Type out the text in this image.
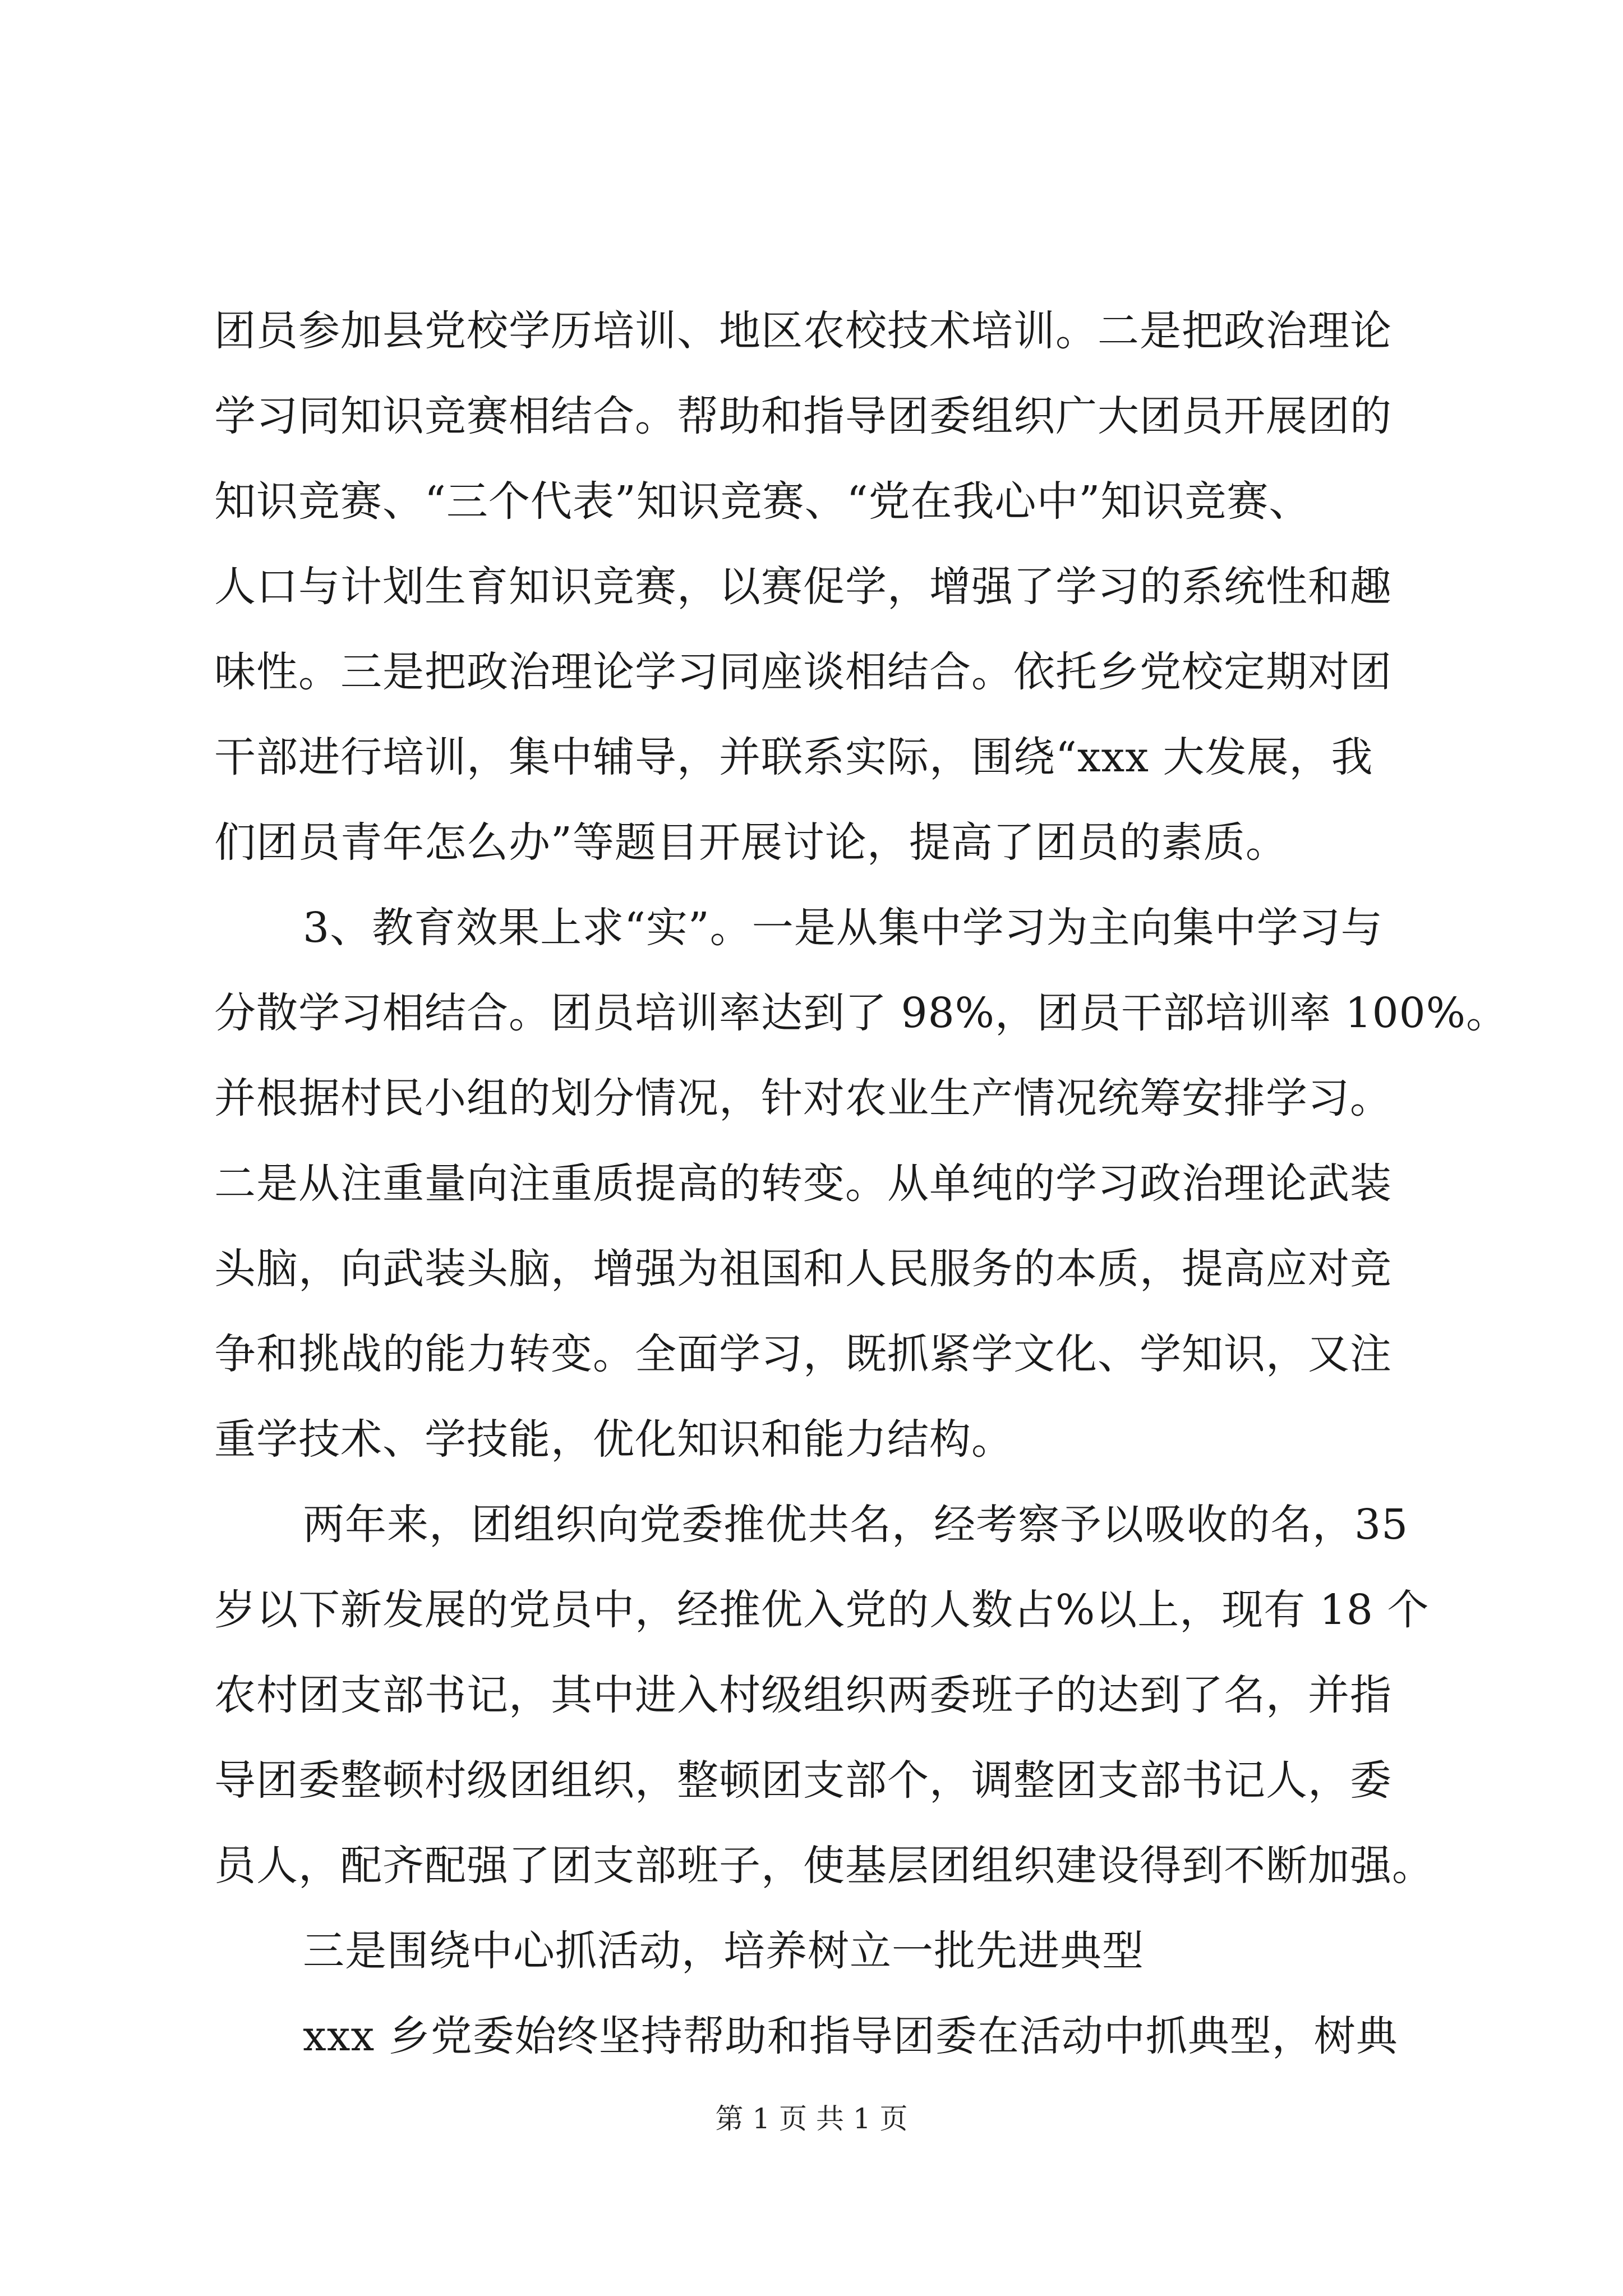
团员参加县党校学历培训、地区农校技术培训。二是把政治理论
学习同知识竞赛相结合。帮助和指导团委组织广大团员开展团的
知识竞赛、“三个代表”知识竞赛、“党在我心中”知识竞赛、
人口与计划生育知识竞赛，以赛促学，增强了学习的系统性和趣
味性。三是把政治理论学习同座谈相结合。依托乡党校定期对团
干部进行培训，集中辅导，并联系实际，围绕“xxx 大发展，我
们团员青年怎么办”等题目开展讨论，提高了团员的素质。
3、教育效果上求“实”。一是从集中学习为主向集中学习与
分散学习相结合。团员培训率达到了 98%，团员干部培训率 100%。
并根据村民小组的划分情况，针对农业生产情况统筹安排学习。
二是从注重量向注重质提高的转变。从单纯的学习政治理论武装
头脑，向武装头脑，增强为祖国和人民服务的本质，提高应对竞
争和挑战的能力转变。全面学习，既抓紧学文化、学知识，又注
重学技术、学技能，优化知识和能力结构。
两年来，团组织向党委推优共名，经考察予以吸收的名，35
岁以下新发展的党员中，经推优入党的人数占%以上，现有 18 个
农村团支部书记，其中进入村级组织两委班子的达到了名，并指
导团委整顿村级团组织，整顿团支部个，调整团支部书记人，委
员人，配齐配强了团支部班子，使基层团组织建设得到不断加强。
三是围绕中心抓活动，培养树立一批先进典型
xxx 乡党委始终坚持帮助和指导团委在活动中抓典型，树典
第 1 页 共 1 页
